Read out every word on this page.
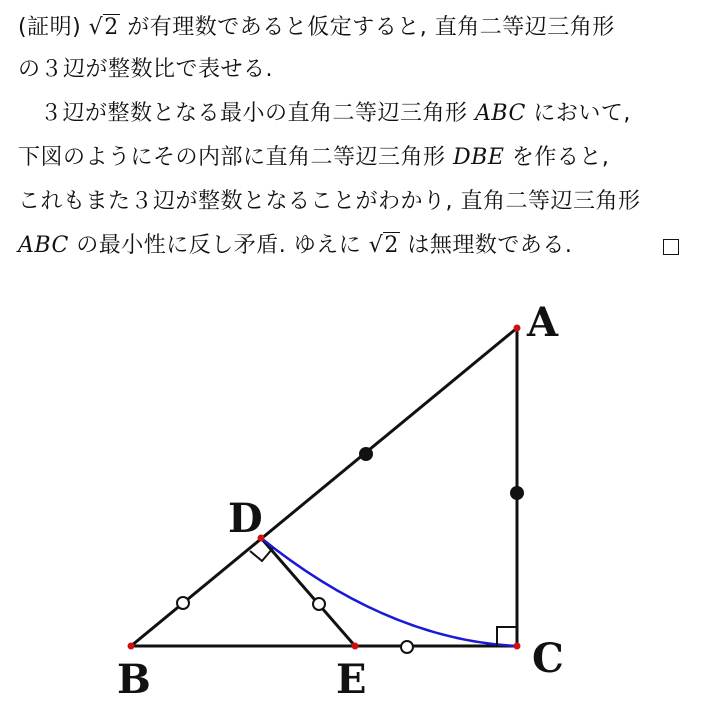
(証明) √2 が有理数であると仮定すると, 直角二等辺三角形
の３辺が整数比で表せる.
３辺が整数となる最小の直角二等辺三角形 ABC において,
下図のようにその内部に直角二等辺三角形 DBE を作ると,
これもまた３辺が整数となることがわかり, 直角二等辺三角形
ABC の最小性に反し矛盾. ゆえに √2 は無理数である.
A
B	C
D
E
